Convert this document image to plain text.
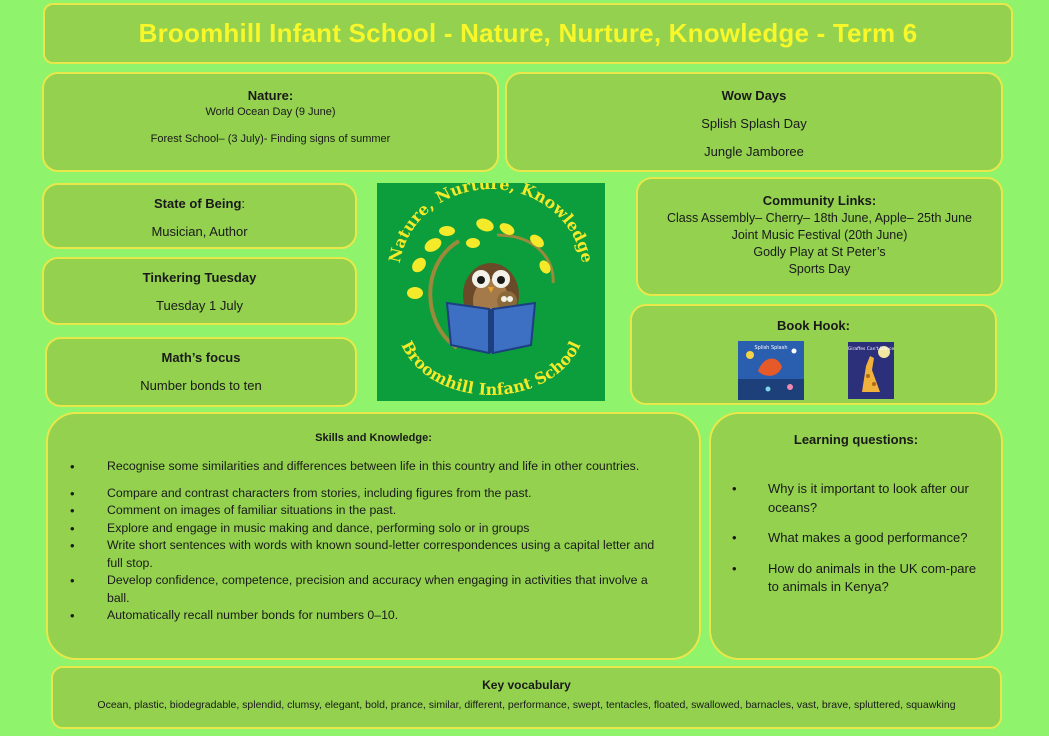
Broomhill Infant School - Nature, Nurture, Knowledge - Term 6
Nature:
World Ocean Day (9 June)
Forest School– (3 July)- Finding signs of summer
Wow Days
Splish Splash Day
Jungle Jamboree
State of Being:
Musician, Author
Tinkering Tuesday
Tuesday 1 July
Math’s focus
Number bonds to ten
Nature, Nurture, Knowledge
Broomhill Infant School
Community Links:
Class Assembly– Cherry– 18th June, Apple– 25th June
Joint Music Festival (20th June)
Godly Play at St Peter’s
Sports Day
Book Hook:
Splish Splash	Giraffes Can't Dance
Skills and Knowledge:
• Recognise some similarities and differences between life in this country and life in other countries.
• Compare and contrast characters from stories, including figures from the past.
• Comment on images of familiar situations in the past.
• Explore and engage in music making and dance, performing solo or in groups
• Write short sentences with words with known sound-letter correspondences using a capital letter and full stop.
• Develop confidence, competence, precision and accuracy when engaging in activities that involve a ball.
• Automatically recall number bonds for numbers 0–10.
Learning questions:
• Why is it important to look after our oceans?
• What makes a good performance?
• How do animals in the UK com-pare to animals in Kenya?
Key vocabulary
Ocean, plastic, biodegradable, splendid, clumsy, elegant, bold, prance, similar, different, performance, swept, tentacles, floated, swallowed, barnacles, vast, brave, spluttered, squawking
